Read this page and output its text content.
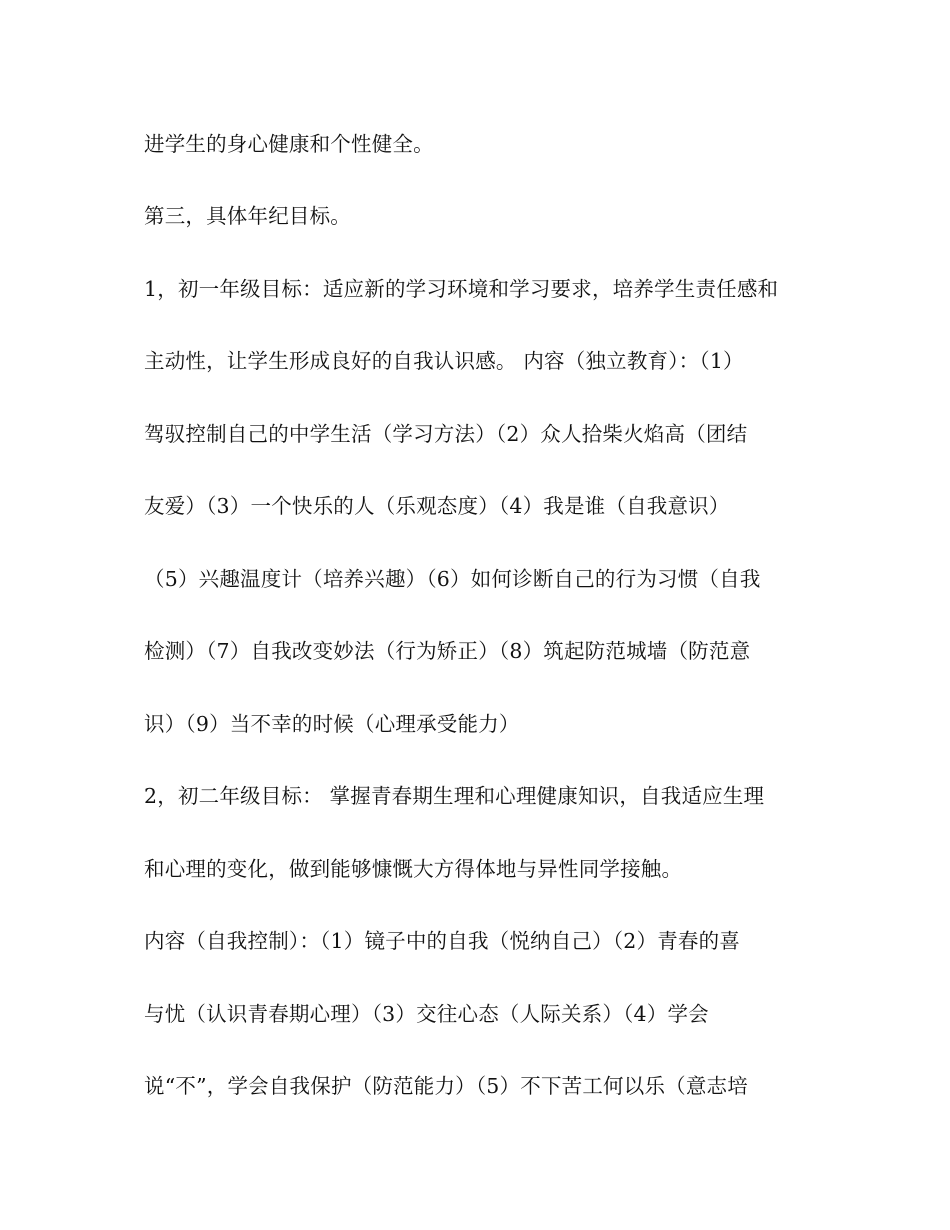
进学生的身心健康和个性健全。
第三，具体年纪目标。
1，初一年级目标：适应新的学习环境和学习要求，培养学生责任感和
主动性，让学生形成良好的自我认识感。 内容（独立教育）：（1）
驾驭控制自己的中学生活（学习方法）（2）众人拾柴火焰高（团结
友爱）（3）一个快乐的人（乐观态度）（4）我是谁（自我意识）
（5）兴趣温度计（培养兴趣）（6）如何诊断自己的行为习惯（自我
检测）（7）自我改变妙法（行为矫正）（8）筑起防范城墙（防范意
识）（9）当不幸的时候（心理承受能力）
2，初二年级目标： 掌握青春期生理和心理健康知识，自我适应生理
和心理的变化，做到能够慷慨大方得体地与异性同学接触。
内容（自我控制）：（1）镜子中的自我（悦纳自己）（2）青春的喜
与忧（认识青春期心理）（3）交往心态（人际关系）（4）学会
说“不”，学会自我保护（防范能力）（5）不下苦工何以乐（意志培
